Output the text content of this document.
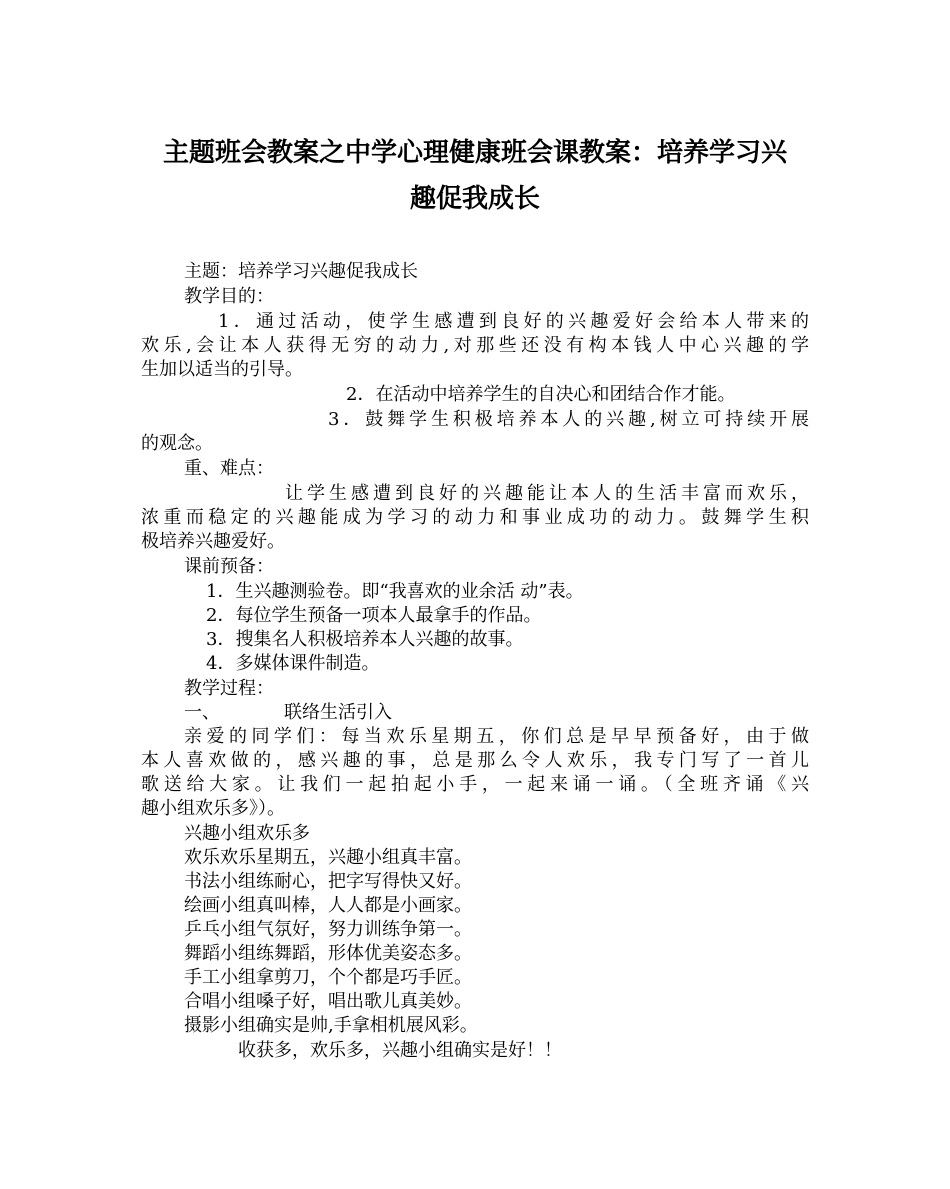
主题班会教案之中学心理健康班会课教案：培养学习兴
趣促我成长
主题：培养学习兴趣促我成长
教学目的：
1．通过活动，使学生感遭到良好的兴趣爱好会给本人带来的
欢乐,会让本人获得无穷的动力,对那些还没有构本钱人中心兴趣的学
生加以适当的引导。
2．在活动中培养学生的自决心和团结合作才能。
3．鼓舞学生积极培养本人的兴趣,树立可持续开展
的观念。
重、难点：
让学生感遭到良好的兴趣能让本人的生活丰富而欢乐，
浓重而稳定的兴趣能成为学习的动力和事业成功的动力。鼓舞学生积
极培养兴趣爱好。
课前预备：
1．生兴趣测验卷。即“我喜欢的业余活 动”表。
2．每位学生预备一项本人最拿手的作品。
3．搜集名人积极培养本人兴趣的故事。
4．多媒体课件制造。
教学过程：
一、	联络生活引入
亲爱的同学们：每当欢乐星期五，你们总是早早预备好，由于做
本人喜欢做的，感兴趣的事，总是那么令人欢乐，我专门写了一首儿
歌送给大家。让我们一起拍起小手，一起来诵一诵。（全班齐诵《兴
趣小组欢乐多》）。
兴趣小组欢乐多
欢乐欢乐星期五，兴趣小组真丰富。
书法小组练耐心，把字写得快又好。
绘画小组真叫棒，人人都是小画家。
乒乓小组气氛好，努力训练争第一。
舞蹈小组练舞蹈，形体优美姿态多。
手工小组拿剪刀，个个都是巧手匠。
合唱小组嗓子好，唱出歌儿真美妙。
摄影小组确实是帅,手拿相机展风彩。
收获多，欢乐多，兴趣小组确实是好！！
